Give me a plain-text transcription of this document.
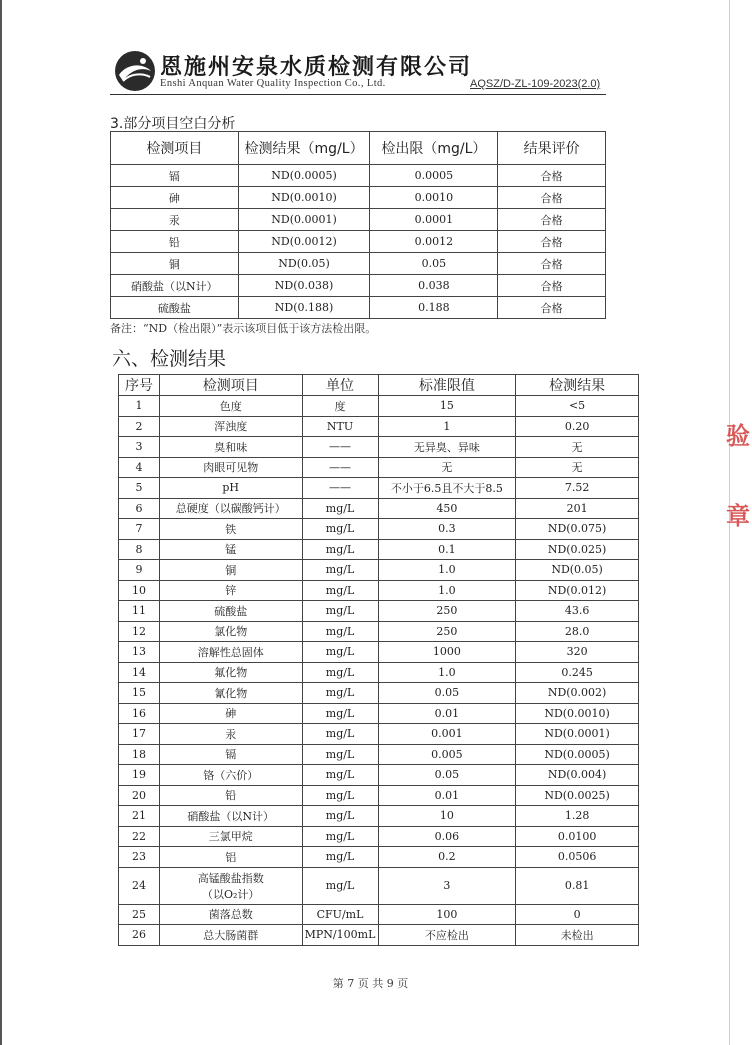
恩施州安泉水质检测有限公司
Enshi Anquan Water Quality Inspection Co., Ltd.	AQSZ/D-ZL-109-2023(2.0)
3.部分项目空白分析
检测项目	检测结果（mg/L）	检出限（mg/L）	结果评价
镉	ND(0.0005)	0.0005	合格
砷	ND(0.0010)	0.0010	合格
汞	ND(0.0001)	0.0001	合格
铅	ND(0.0012)	0.0012	合格
铜	ND(0.05)	0.05	合格
硝酸盐（以N计）	ND(0.038)	0.038	合格
硫酸盐	ND(0.188)	0.188	合格
备注：“ND（检出限）”表示该项目低于该方法检出限。
六、检测结果
序号	检测项目	单位	标准限值	检测结果
1	色度	度	15	<5
2	浑浊度	NTU	1	0.20
3	臭和味	——	无异臭、异味	无
4	肉眼可见物	——	无	无
5	pH	——	不小于6.5且不大于8.5	7.52
6	总硬度（以碳酸钙计）	mg/L	450	201
7	铁	mg/L	0.3	ND(0.075)
8	锰	mg/L	0.1	ND(0.025)
9	铜	mg/L	1.0	ND(0.05)
10	锌	mg/L	1.0	ND(0.012)
11	硫酸盐	mg/L	250	43.6
12	氯化物	mg/L	250	28.0
13	溶解性总固体	mg/L	1000	320
14	氟化物	mg/L	1.0	0.245
15	氰化物	mg/L	0.05	ND(0.002)
16	砷	mg/L	0.01	ND(0.0010)
17	汞	mg/L	0.001	ND(0.0001)
18	镉	mg/L	0.005	ND(0.0005)
19	铬（六价）	mg/L	0.05	ND(0.004)
20	铅	mg/L	0.01	ND(0.0025)
21	硝酸盐（以N计）	mg/L	10	1.28
22	三氯甲烷	mg/L	0.06	0.0100
23	铝	mg/L	0.2	0.0506
24	高锰酸盐指数
（以O₂计）	mg/L	3	0.81
25	菌落总数	CFU/mL	100	0
26	总大肠菌群	MPN/100mL	不应检出	未检出
第 7 页 共 9 页
验
章
